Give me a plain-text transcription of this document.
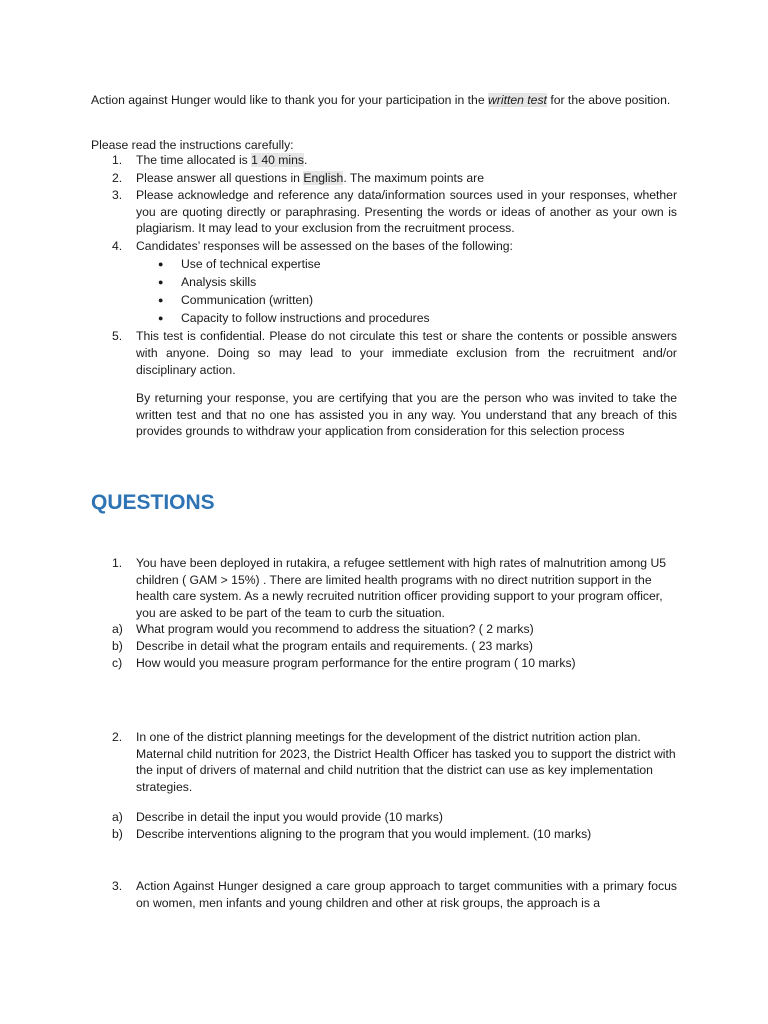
Action against Hunger would like to thank you for your participation in the written test for the above position.
Please read the instructions carefully:
1. The time allocated is 1 40 mins.
2. Please answer all questions in English. The maximum points are
3. Please acknowledge and reference any data/information sources used in your responses, whether you are quoting directly or paraphrasing. Presenting the words or ideas of another as your own is plagiarism. It may lead to your exclusion from the recruitment process.
4. Candidates’ responses will be assessed on the bases of the following:
● Use of technical expertise
● Analysis skills
● Communication (written)
● Capacity to follow instructions and procedures
5. This test is confidential. Please do not circulate this test or share the contents or possible answers with anyone. Doing so may lead to your immediate exclusion from the recruitment and/or disciplinary action.
By returning your response, you are certifying that you are the person who was invited to take the written test and that no one has assisted you in any way. You understand that any breach of this provides grounds to withdraw your application from consideration for this selection process
QUESTIONS
1. You have been deployed in rutakira, a refugee settlement with high rates of malnutrition among U5 children ( GAM > 15%) . There are limited health programs with no direct nutrition support in the health care system. As a newly recruited nutrition officer providing support to your program officer, you are asked to be part of the team to curb the situation.
a) What program would you recommend to address the situation? ( 2 marks)
b) Describe in detail what the program entails and requirements. ( 23 marks)
c) How would you measure program performance for the entire program ( 10 marks)
2. In one of the district planning meetings for the development of the district nutrition action plan. Maternal child nutrition for 2023, the District Health Officer has tasked you to support the district with the input of drivers of maternal and child nutrition that the district can use as key implementation strategies.
a) Describe in detail the input you would provide (10 marks)
b) Describe interventions aligning to the program that you would implement. (10 marks)
3. Action Against Hunger designed a care group approach to target communities with a primary focus on women, men infants and young children and other at risk groups, the approach is a
